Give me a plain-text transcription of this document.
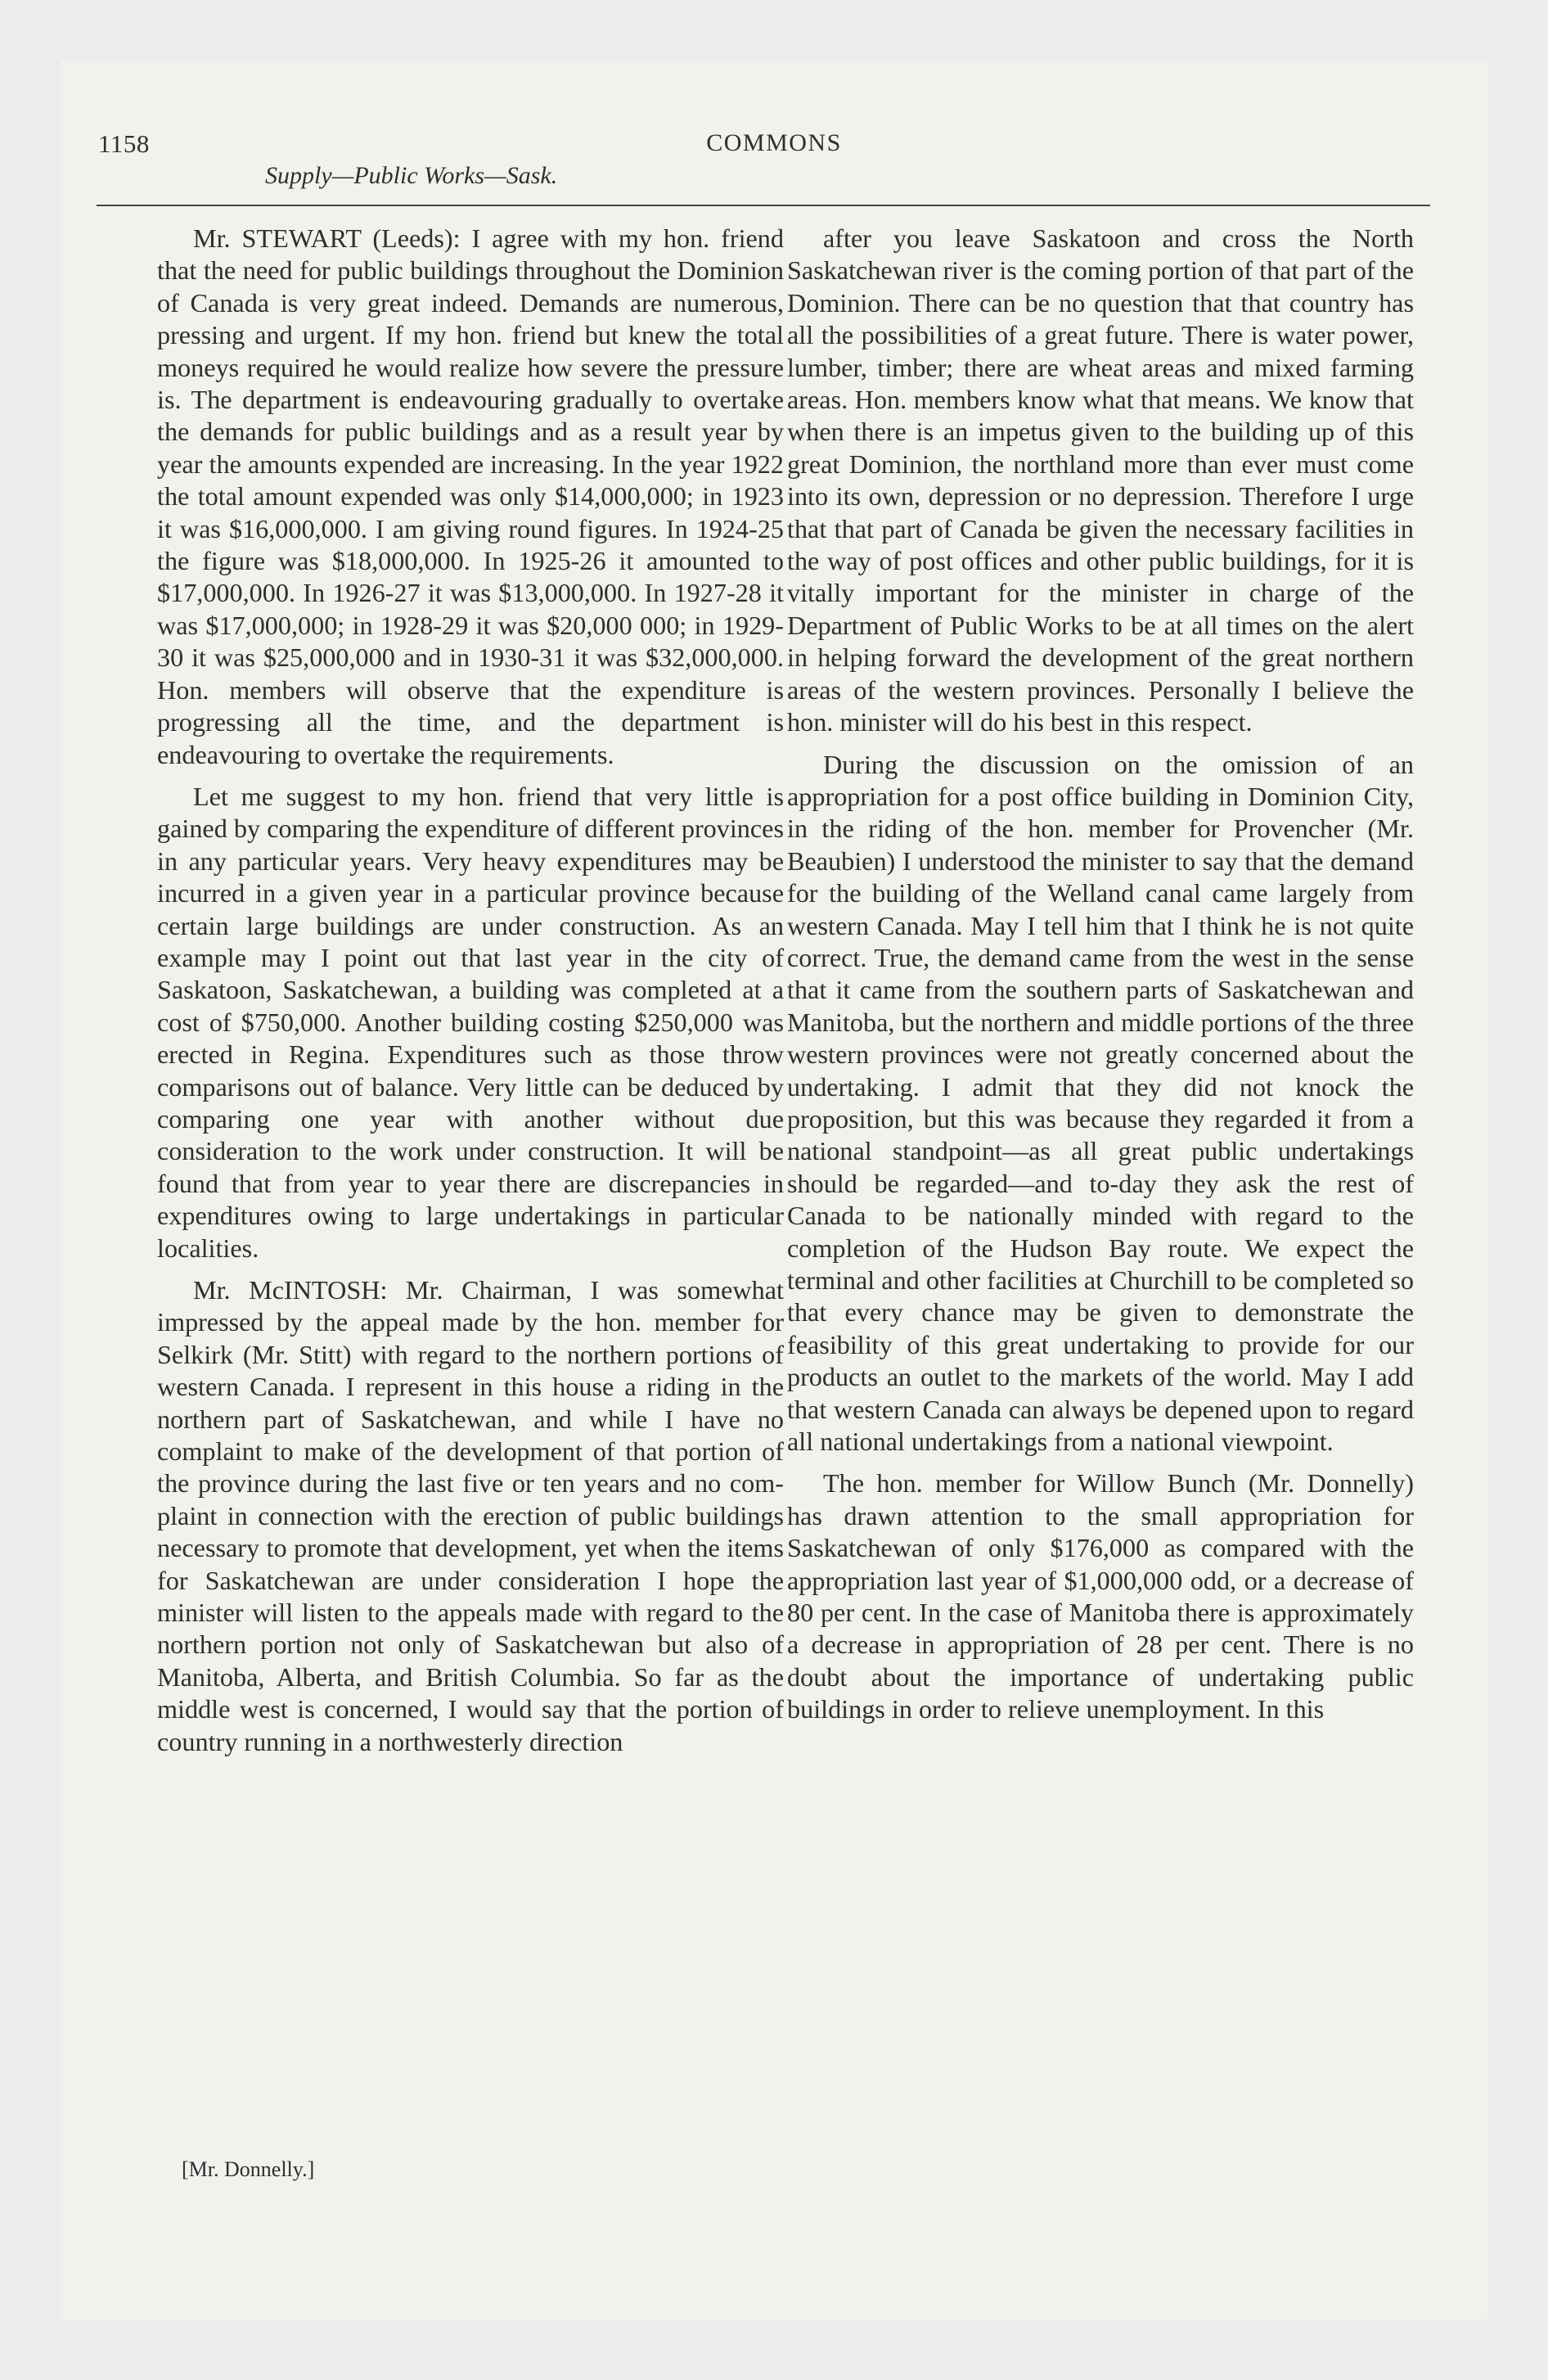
1158
Supply—Public Works—Sask.
COMMONS

Mr. STEWART (Leeds): I agree with my hon. friend that the need for public buildings throughout the Dominion of Canada is very great indeed. Demands are numerous, pressing and urgent. If my hon. friend but knew the total moneys required he would realize how severe the pressure is. The department is endeavouring gradually to overtake the demands for public buildings and as a result year by year the amounts expended are increasing. In the year 1922 the total amount expended was only $14,000,000; in 1923 it was $16,000,000. I am giving round figures. In 1924-25 the figure was $18,000,000. In 1925-26 it amounted to $17,000,000. In 1926-27 it was $13,000,000. In 1927-28 it was $17,000,000; in 1928-29 it was $20,000 000; in 1929-30 it was $25,000,000 and in 1930-31 it was $32,000,000. Hon. members will observe that the expenditure is progressing all the time, and the department is endeavouring to overtake the requirements.

Let me suggest to my hon. friend that very little is gained by comparing the expenditure of different provinces in any particular years. Very heavy expenditures may be incurred in a given year in a particular province because certain large buildings are under construction. As an example may I point out that last year in the city of Saskatoon, Saskatchewan, a building was completed at a cost of $750,000. Another building costing $250,000 was erected in Regina. Expenditures such as those throw comparisons out of balance. Very little can be deduced by comparing one year with another without due consideration to the work under construction. It will be found that from year to year there are discrepancies in expenditures owing to large undertakings in particular localities.

Mr. McINTOSH: Mr. Chairman, I was somewhat impressed by the appeal made by the hon. member for Selkirk (Mr. Stitt) with regard to the northern portions of western Canada. I represent in this house a riding in the northern part of Saskatchewan, and while I have no complaint to make of the development of that portion of the province during the last five or ten years and no complaint in connection with the erection of public buildings necessary to promote that development, yet when the items for Saskatchewan are under consideration I hope the minister will listen to the appeals made with regard to the northern portion not only of Saskatchewan but also of Manitoba, Alberta, and British Columbia. So far as the middle west is concerned, I would say that the portion of country running in a northwesterly direction

after you leave Saskatoon and cross the North Saskatchewan river is the coming portion of that part of the Dominion. There can be no question that that country has all the possibilities of a great future. There is water power, lumber, timber; there are wheat areas and mixed farming areas. Hon. members know what that means. We know that when there is an impetus given to the building up of this great Dominion, the northland more than ever must come into its own, depression or no depression. Therefore I urge that that part of Canada be given the necessary facilities in the way of post offices and other public buildings, for it is vitally important for the minister in charge of the Department of Public Works to be at all times on the alert in helping forward the development of the great northern areas of the western provinces. Personally I believe the hon. minister will do his best in this respect.

During the discussion on the omission of an appropriation for a post office building in Dominion City, in the riding of the hon. member for Provencher (Mr. Beaubien) I understood the minister to say that the demand for the building of the Welland canal came largely from western Canada. May I tell him that I think he is not quite correct. True, the demand came from the west in the sense that it came from the southern parts of Saskatchewan and Manitoba, but the northern and middle portions of the three western provinces were not greatly concerned about the undertaking. I admit that they did not knock the proposition, but this was because they regarded it from a national standpoint—as all great public undertakings should be regarded—and to-day they ask the rest of Canada to be nationally minded with regard to the completion of the Hudson Bay route. We expect the terminal and other facilities at Churchill to be completed so that every chance may be given to demonstrate the feasibility of this great undertaking to provide for our products an outlet to the markets of the world. May I add that western Canada can always be depened upon to regard all national undertakings from a national viewpoint.

The hon. member for Willow Bunch (Mr. Donnelly) has drawn attention to the small appropriation for Saskatchewan of only $176,000 as compared with the appropriation last year of $1,000,000 odd, or a decrease of 80 per cent. In the case of Manitoba there is approximately a decrease in appropriation of 28 per cent. There is no doubt about the importance of undertaking public buildings in order to relieve unemployment. In this

[Mr. Donnelly.]
